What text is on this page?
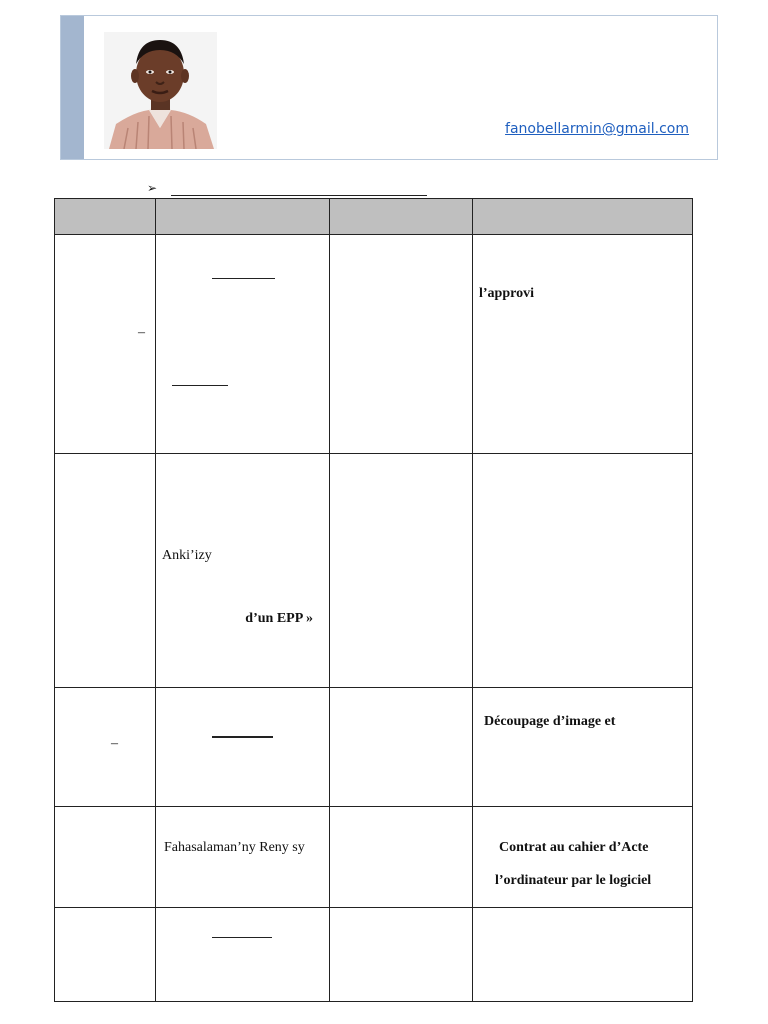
fanobellarmin@gmail.com
➢

–			l’approvi

	Anki’izy
d’un EPP »		

–			Découpage d’image et

	Fahasalaman’ny Reny sy		Contrat au cahier d’Acte
l’ordinateur par le logiciel
